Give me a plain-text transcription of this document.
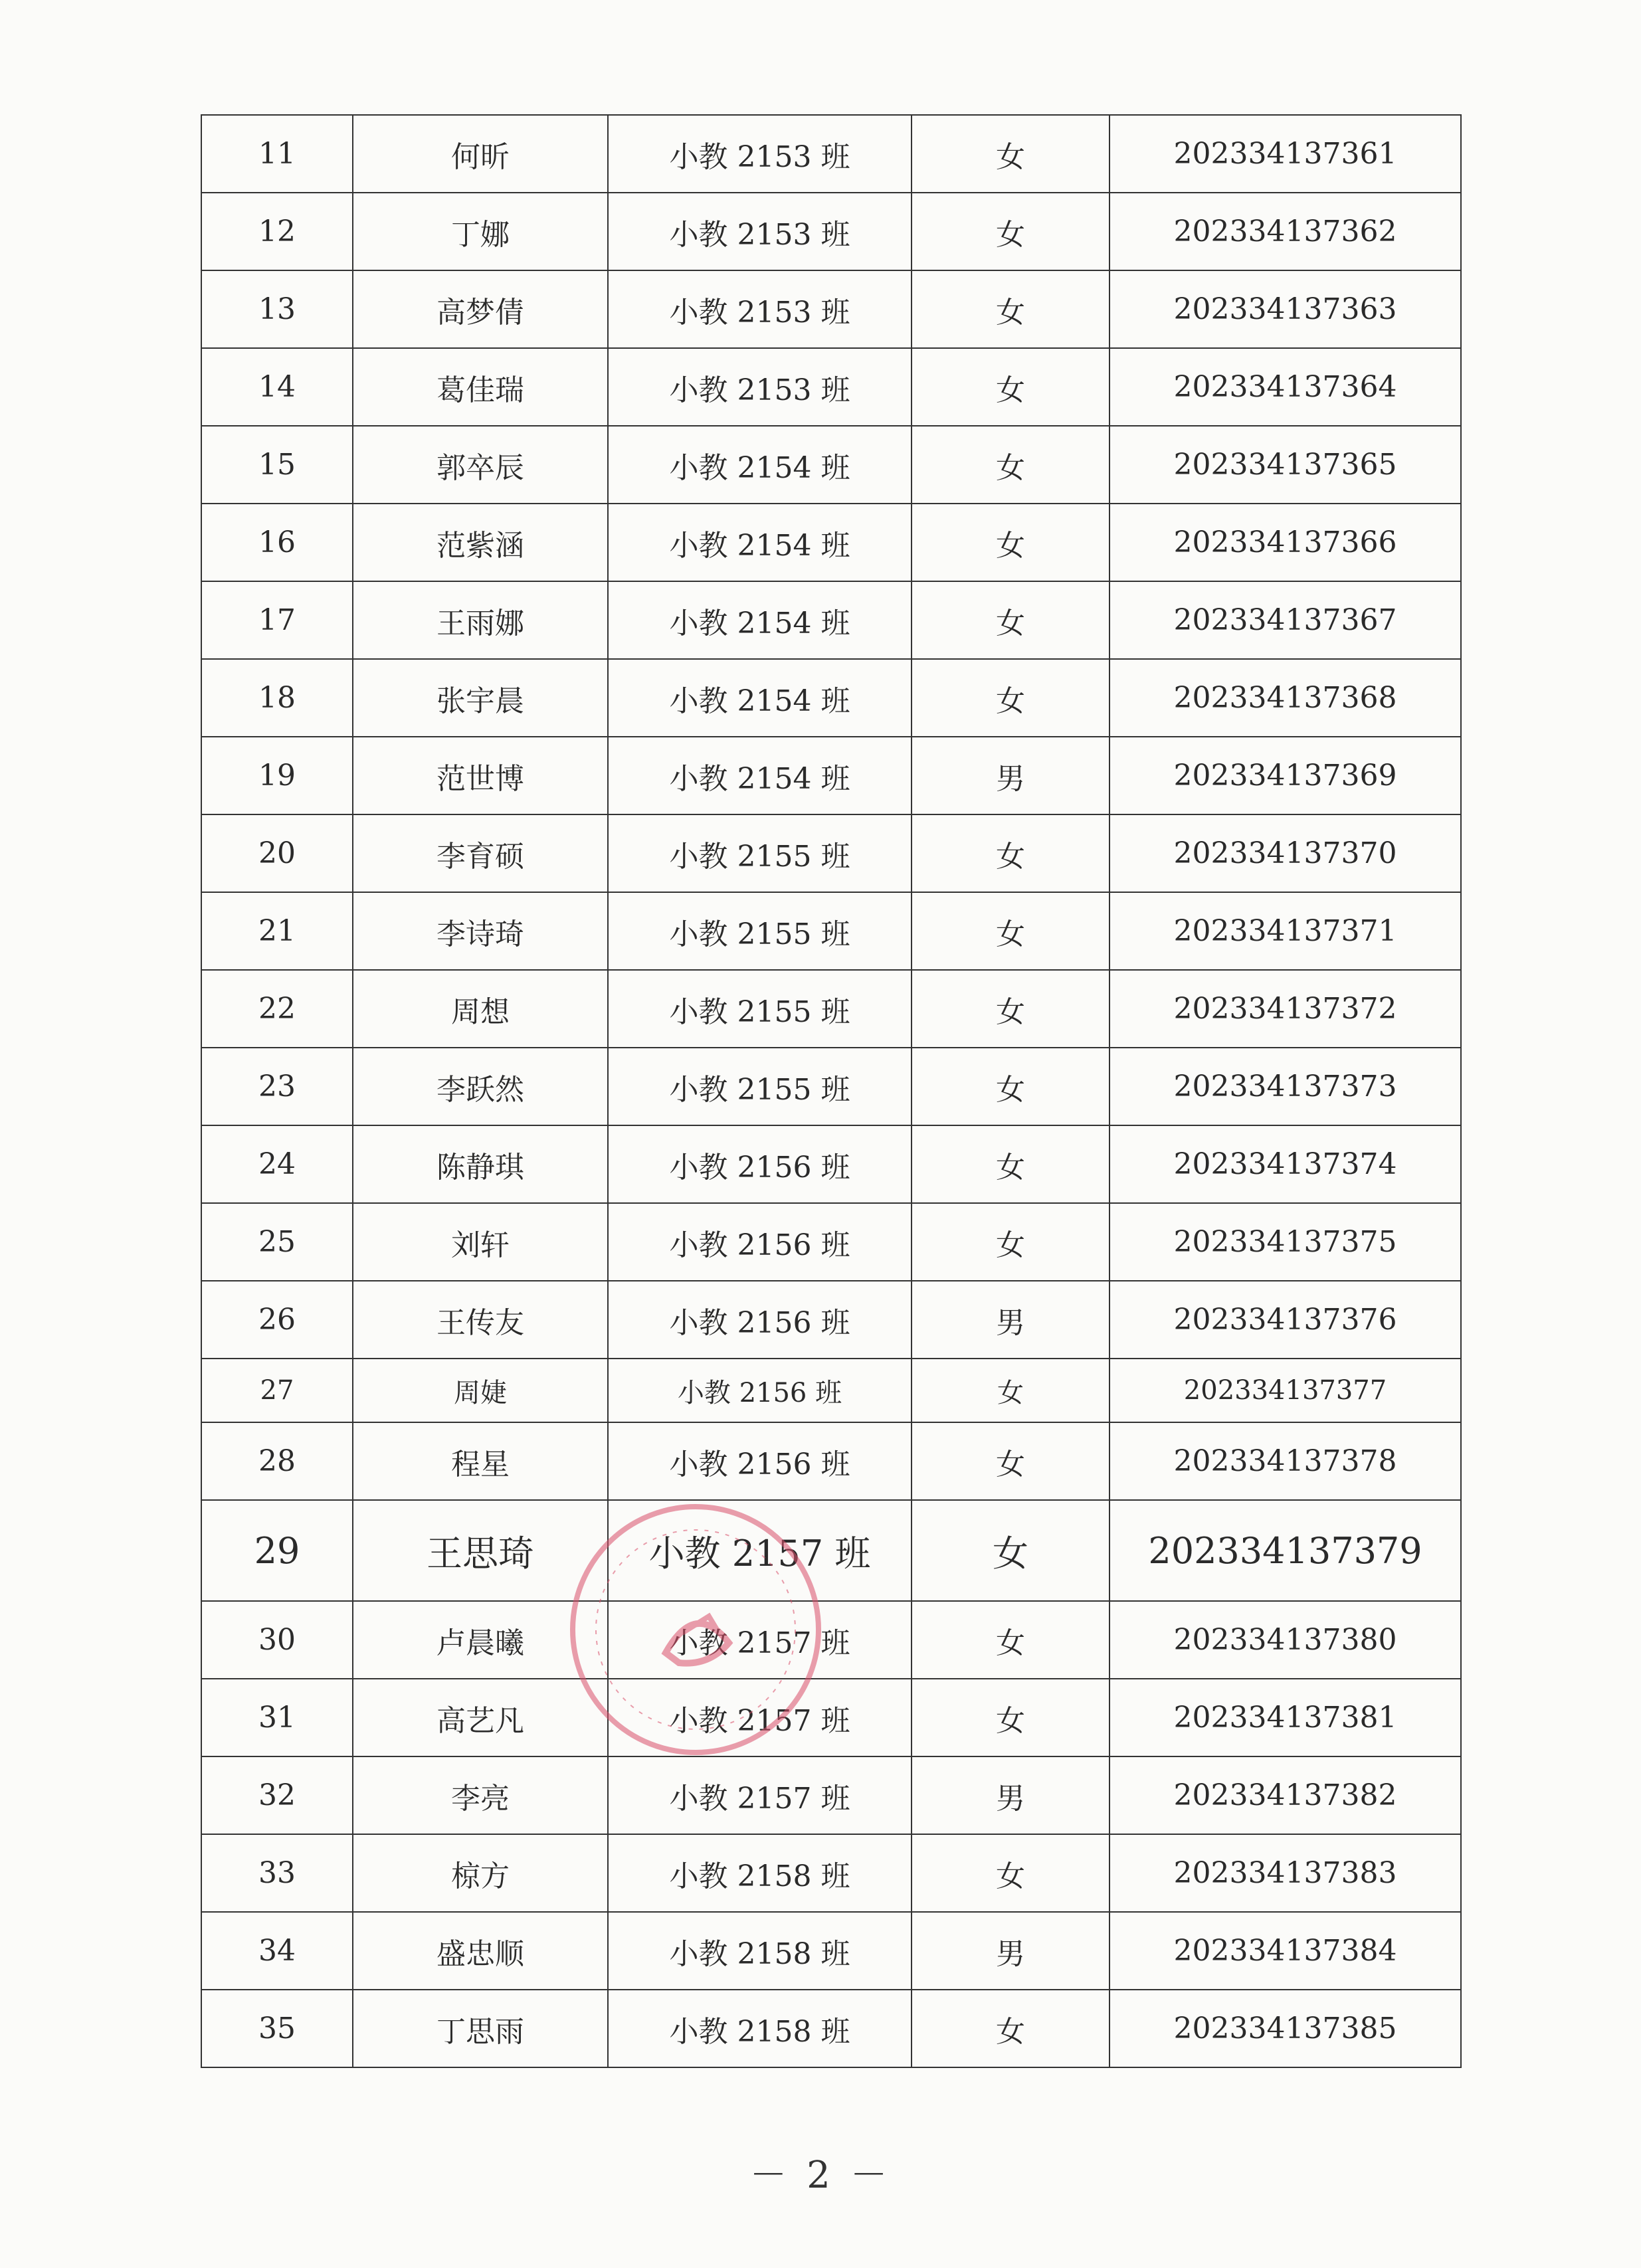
11	何昕	小教 2153 班	女	202334137361
12	丁娜	小教 2153 班	女	202334137362
13	高梦倩	小教 2153 班	女	202334137363
14	葛佳瑞	小教 2153 班	女	202334137364
15	郭卒辰	小教 2154 班	女	202334137365
16	范紫涵	小教 2154 班	女	202334137366
17	王雨娜	小教 2154 班	女	202334137367
18	张宇晨	小教 2154 班	女	202334137368
19	范世博	小教 2154 班	男	202334137369
20	李育硕	小教 2155 班	女	202334137370
21	李诗琦	小教 2155 班	女	202334137371
22	周想	小教 2155 班	女	202334137372
23	李跃然	小教 2155 班	女	202334137373
24	陈静琪	小教 2156 班	女	202334137374
25	刘轩	小教 2156 班	女	202334137375
26	王传友	小教 2156 班	男	202334137376
27	周婕	小教 2156 班	女	202334137377
28	程星	小教 2156 班	女	202334137378
29	王思琦	小教 2157 班	女	202334137379
30	卢晨曦	小教 2157 班	女	202334137380
31	高艺凡	小教 2157 班	女	202334137381
32	李亮	小教 2157 班	男	202334137382
33	椋方	小教 2158 班	女	202334137383
34	盛忠顺	小教 2158 班	男	202334137384
35	丁思雨	小教 2158 班	女	202334137385
－ 2 －
